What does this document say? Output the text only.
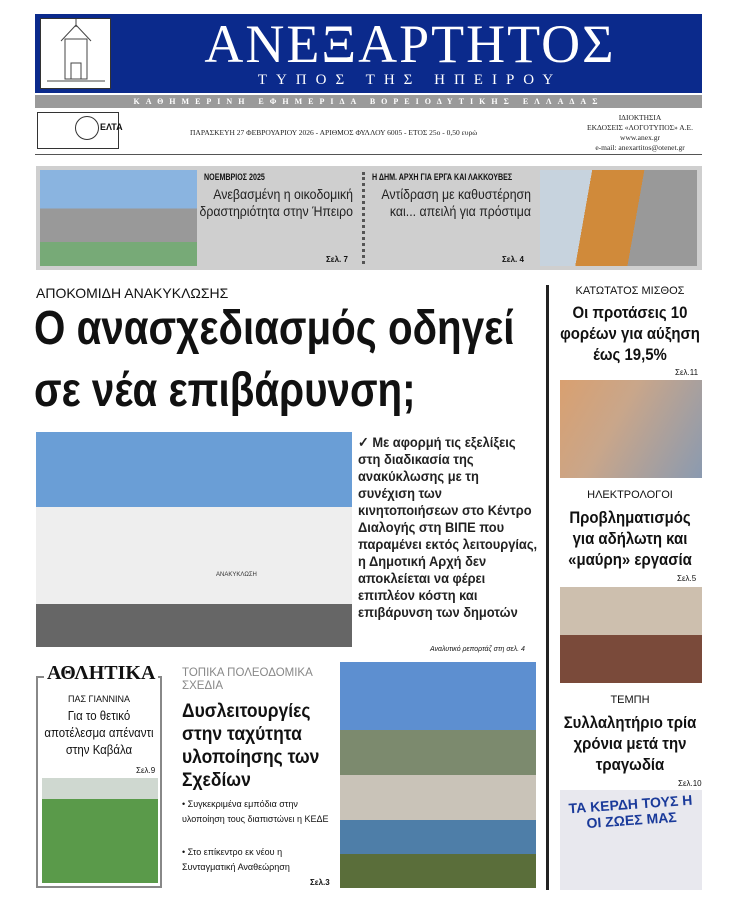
ΑΝΕΞΑΡΤΗΤΟΣ
ΤΥΠΟΣ ΤΗΣ ΗΠΕΙΡΟΥ
ΚΑΘΗΜΕΡΙΝΗ ΕΦΗΜΕΡΙΔΑ ΒΟΡΕΙΟΔΥΤΙΚΗΣ ΕΛΛΑΔΑΣ
ΕΛΤΑ
ΠΑΡΑΣΚΕΥΗ 27 ΦΕΒΡΟΥΑΡΙΟΥ 2026 - ΑΡΙΘΜΟΣ ΦΥΛΛΟΥ 6005 - ΕΤΟΣ 25ο - 0,50 ευρώ
ΙΔΙΟΚΤΗΣΙΑ
ΕΚΔΟΣΕΙΣ «ΛΟΓΟΤΥΠΟΣ» Α.Ε.
www.anex.gr
e-mail: anexartitos@otenet.gr
ΝΟΕΜΒΡΙΟΣ 2025
Ανεβασμένη η οικοδομική δραστηριότητα στην Ήπειρο
Σελ. 7
Η ΔΗΜ. ΑΡΧΗ ΓΙΑ ΕΡΓΑ ΚΑΙ ΛΑΚΚΟΥΒΕΣ
Αντίδραση με καθυστέρηση και... απειλή για πρόστιμα
Σελ. 4
ΑΠΟΚΟΜΙΔΗ ΑΝΑΚΥΚΛΩΣΗΣ
Ο ανασχεδιασμός οδηγεί
σε νέα επιβάρυνση;
ΑΝΑΚΥΚΛΩΣΗ
✓ Με αφορμή τις εξελίξεις στη διαδικασία της ανακύκλωσης με τη συνέχιση των κινητοποιήσεων στο Κέντρο Διαλογής στη ΒΙΠΕ που παραμένει εκτός λειτουργίας, η Δημοτική Αρχή δεν αποκλείεται να φέρει επιπλέον κόστη και επιβάρυνση των δημοτών
Αναλυτικό ρεπορτάζ στη σελ. 4
ΑΘΛΗΤΙΚΑ
ΠΑΣ ΓΙΑΝΝΙΝΑ
Για το θετικό αποτέλεσμα απέναντι στην Καβάλα
Σελ.9
ΤΟΠΙΚΑ ΠΟΛΕΟΔΟΜΙΚΑ ΣΧΕΔΙΑ
Δυσλειτουργίες στην ταχύτητα υλοποίησης των Σχεδίων
• Συγκεκριμένα εμπόδια στην υλοποίηση τους διαπιστώνει η ΚΕΔΕ
• Στο επίκεντρο εκ νέου η Συνταγματική Αναθεώρηση
Σελ.3
ΚΑΤΩΤΑΤΟΣ ΜΙΣΘΟΣ
Οι προτάσεις 10 φορέων για αύξηση έως 19,5%
Σελ.11
ΗΛΕΚΤΡΟΛΟΓΟΙ
Προβληματισμός για αδήλωτη και «μαύρη» εργασία
Σελ.5
ΤΕΜΠΗ
Συλλαλητήριο τρία χρόνια μετά την τραγωδία
Σελ.10
ΤΑ ΚΕΡΔΗ ΤΟΥΣ Η ΟΙ ΖΩΕΣ ΜΑΣ
